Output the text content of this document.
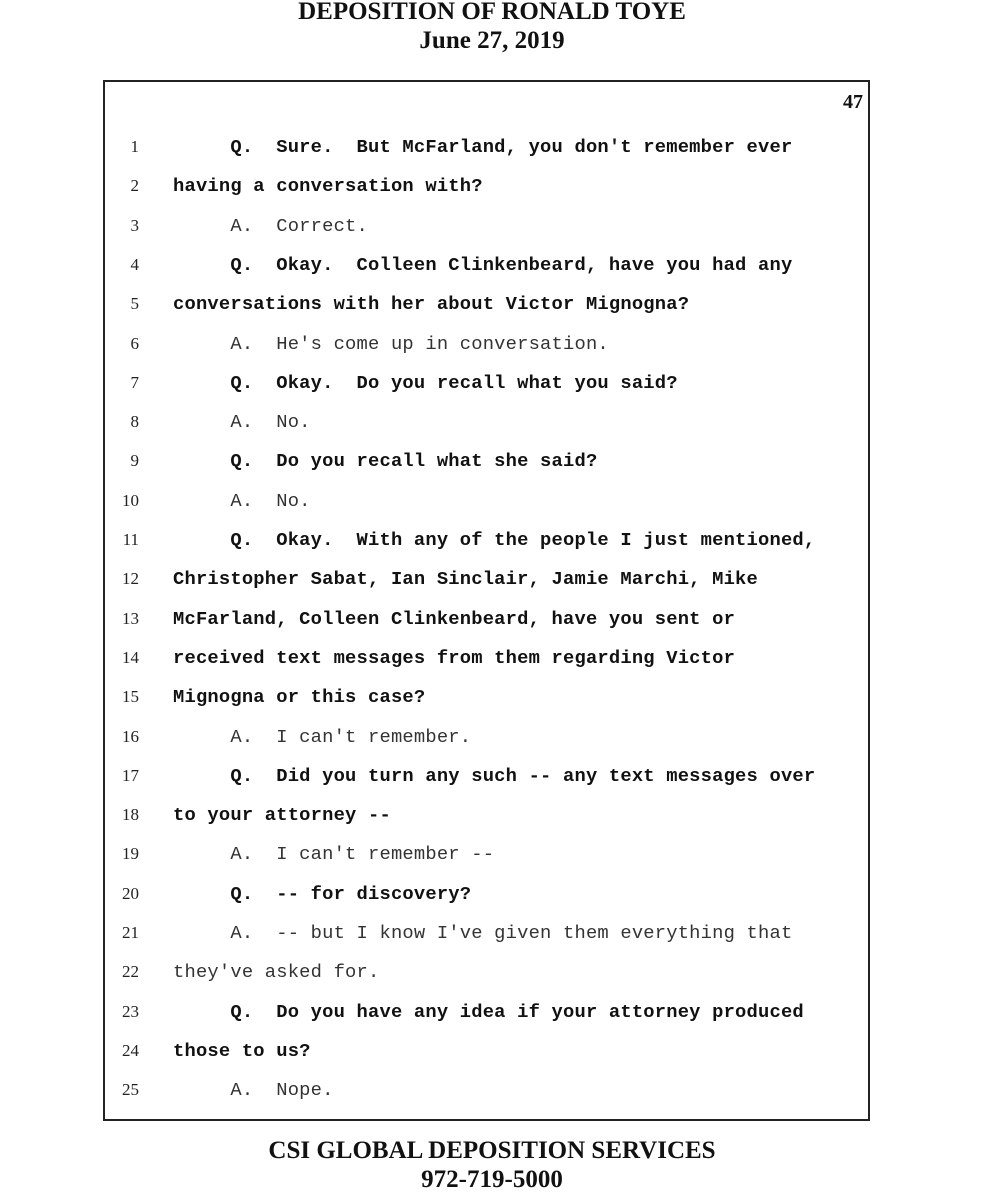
DEPOSITION OF RONALD TOYE
June 27, 2019
47
1 Q.  Sure.  But McFarland, you don't remember ever
2 having a conversation with?
3 A.  Correct.
4 Q.  Okay.  Colleen Clinkenbeard, have you had any
5 conversations with her about Victor Mignogna?
6 A.  He's come up in conversation.
7 Q.  Okay.  Do you recall what you said?
8 A.  No.
9 Q.  Do you recall what she said?
10 A.  No.
11 Q.  Okay.  With any of the people I just mentioned,
12 Christopher Sabat, Ian Sinclair, Jamie Marchi, Mike
13 McFarland, Colleen Clinkenbeard, have you sent or
14 received text messages from them regarding Victor
15 Mignogna or this case?
16 A.  I can't remember.
17 Q.  Did you turn any such -- any text messages over
18 to your attorney --
19 A.  I can't remember --
20 Q.  -- for discovery?
21 A.  -- but I know I've given them everything that
22 they've asked for.
23 Q.  Do you have any idea if your attorney produced
24 those to us?
25 A.  Nope.
CSI GLOBAL DEPOSITION SERVICES
972-719-5000
